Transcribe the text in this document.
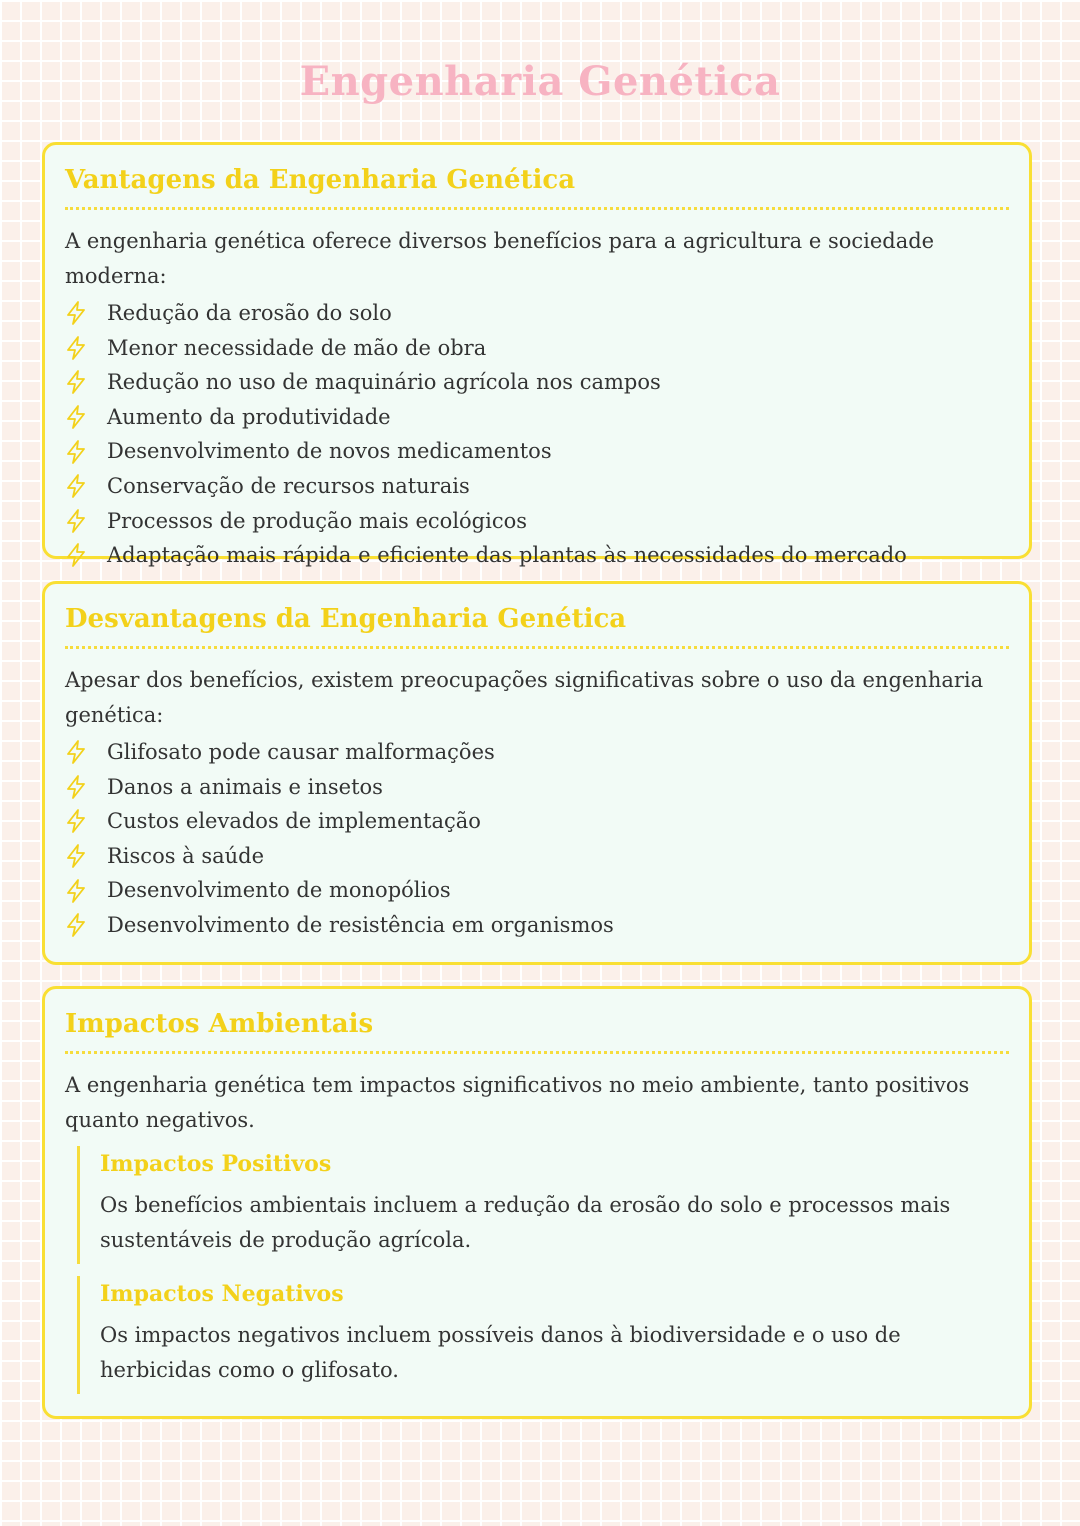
Engenharia Genética
Vantagens da Engenharia Genética

A engenharia genética oferece diversos benefícios para a agricultura e sociedade moderna:

Redução da erosão do solo
Menor necessidade de mão de obra
Redução no uso de maquinário agrícola nos campos
Aumento da produtividade
Desenvolvimento de novos medicamentos
Conservação de recursos naturais
Processos de produção mais ecológicos
Adaptação mais rápida e eficiente das plantas às necessidades do mercado
Desvantagens da Engenharia Genética

Apesar dos benefícios, existem preocupações significativas sobre o uso da engenharia genética:

Glifosato pode causar malformações
Danos a animais e insetos
Custos elevados de implementação
Riscos à saúde
Desenvolvimento de monopólios
Desenvolvimento de resistência em organismos
Impactos Ambientais

A engenharia genética tem impactos significativos no meio ambiente, tanto positivos quanto negativos.

Impactos Positivos

Os benefícios ambientais incluem a redução da erosão do solo e processos mais sustentáveis de produção agrícola.

Impactos Negativos

Os impactos negativos incluem possíveis danos à biodiversidade e o uso de herbicidas como o glifosato.
